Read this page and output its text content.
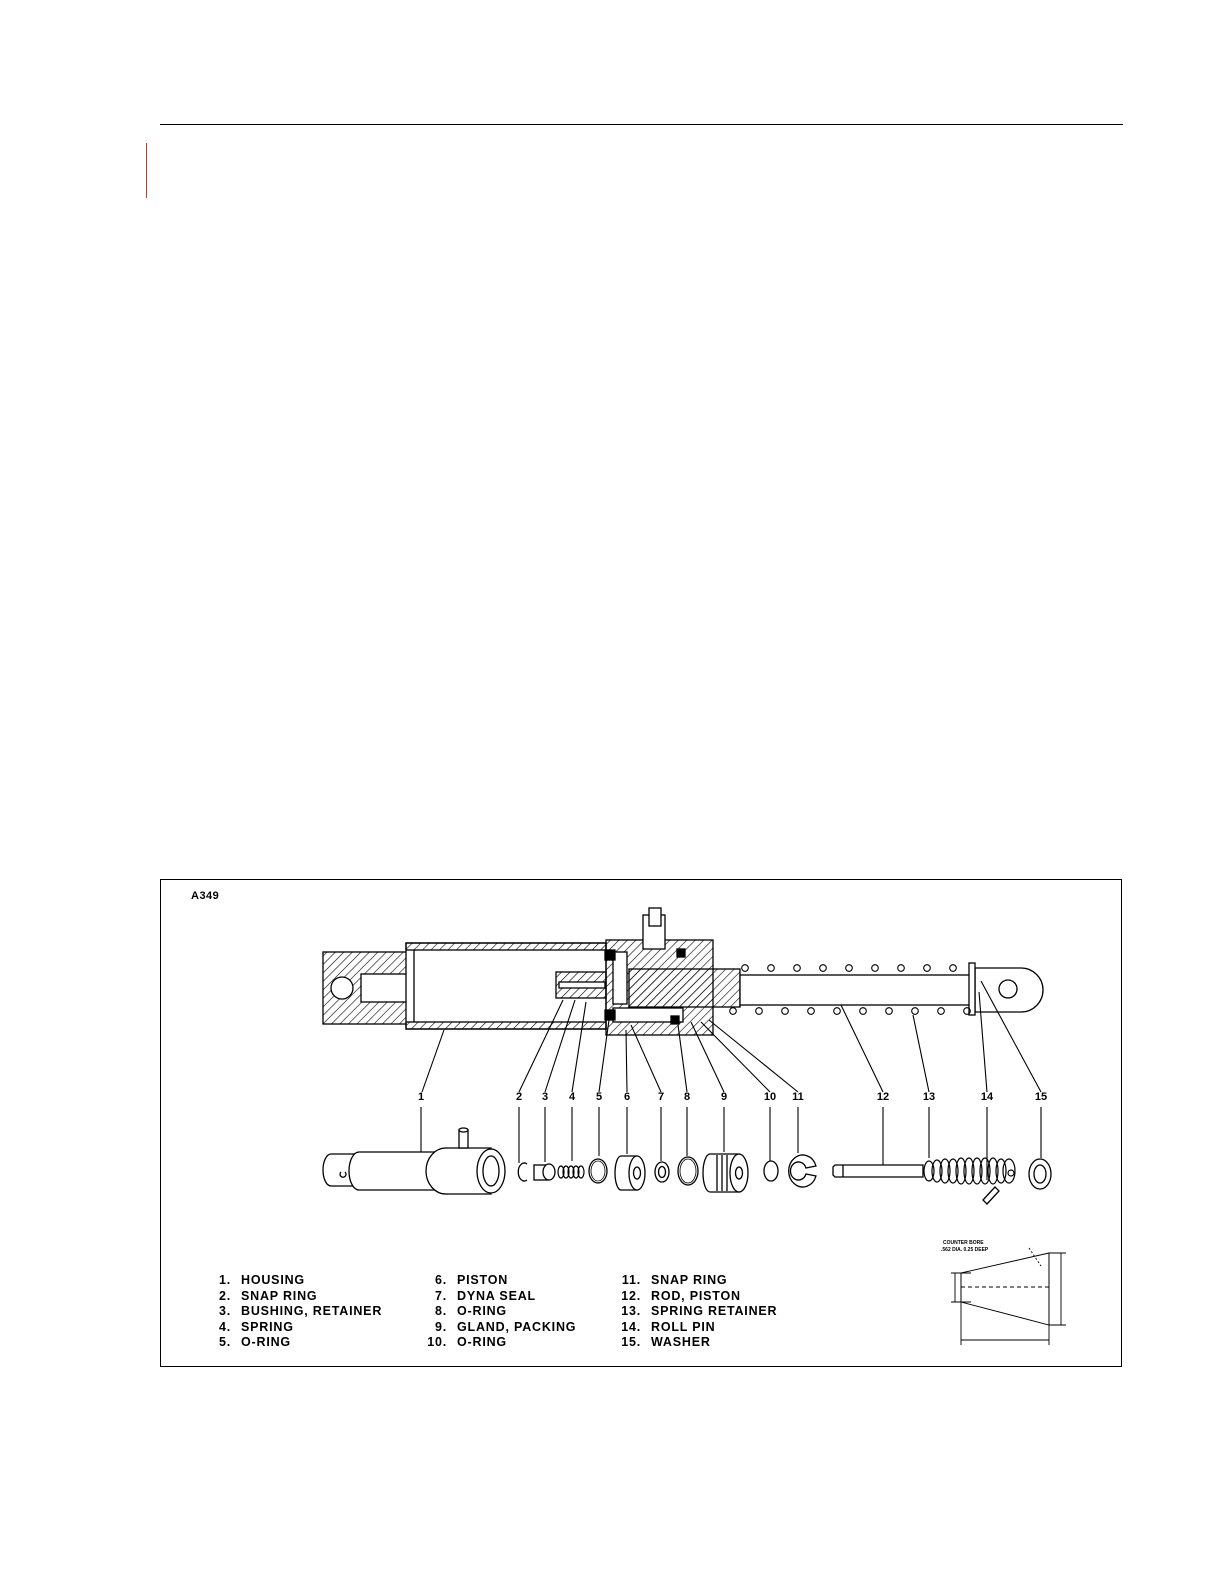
A349
1	2 3 4 5 6	7 8	9	10 11	12	13	14	15
COUNTER BORE
.562 DIA. 0.25 DEEP
1. HOUSING
2. SNAP RING
3. BUSHING, RETAINER
4. SPRING
5. O-RING
6. PISTON
7. DYNA SEAL
8. O-RING
9. GLAND, PACKING
10. O-RING
11. SNAP RING
12. ROD, PISTON
13. SPRING RETAINER
14. ROLL PIN
15. WASHER
